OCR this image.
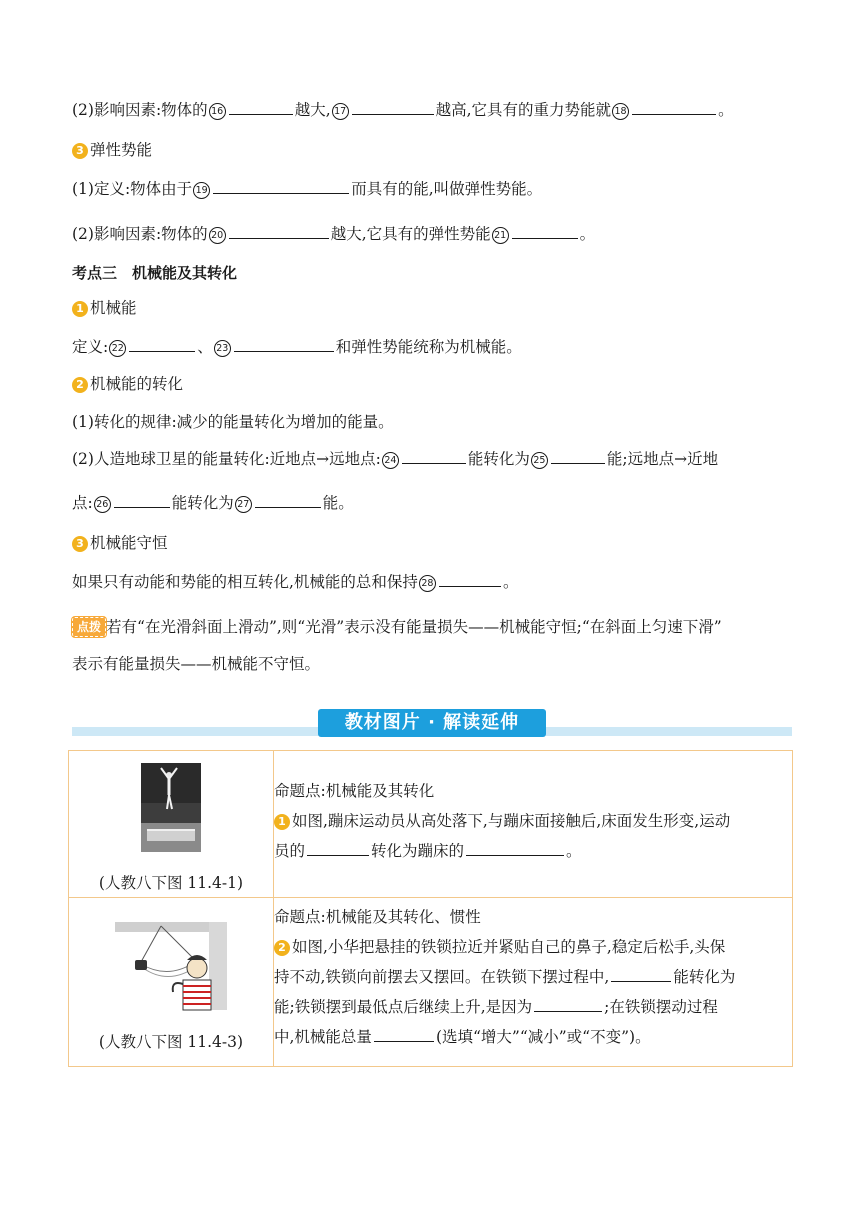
(2)影响因素:物体的 16	越大, 17	越高,它具有的重力势能就 18	。
3 弹性势能
(1)定义:物体由于 19	而具有的能,叫做弹性势能。
(2)影响因素:物体的 20	越大,它具有的弹性势能 21	。
考点三　机械能及其转化
1 机械能
定义: 22	、 23	和弹性势能统称为机械能。
2 机械能的转化
(1)转化的规律:减少的能量转化为增加的能量。
(2)人造地球卫星的能量转化:近地点→远地点: 24	能转化为 25	能;远地点→近地
点: 26	能转化为 27	能。
3 机械能守恒
如果只有动能和势能的相互转化,机械能的总和保持 28	。
点拨 若有“在光滑斜面上滑动”,则“光滑”表示没有能量损失——机械能守恒;“在斜面上匀速下滑”
表示有能量损失——机械能不守恒。
教材图片 · 解读延伸
(人教八下图 11.4-1)	命题点:机械能及其转化
1 如图,蹦床运动员从高处落下,与蹦床面接触后,床面发生形变,运动
员的 转化为蹦床的 。

(人教八下图 11.4-3)	命题点:机械能及其转化、惯性
2 如图,小华把悬挂的铁锁拉近并紧贴自己的鼻子,稳定后松手,头保
持不动,铁锁向前摆去又摆回。在铁锁下摆过程中, 能转化为
能;铁锁摆到最低点后继续上升,是因为 ;在铁锁摆动过程
中,机械能总量 (选填“增大”“减小”或“不变”)。
